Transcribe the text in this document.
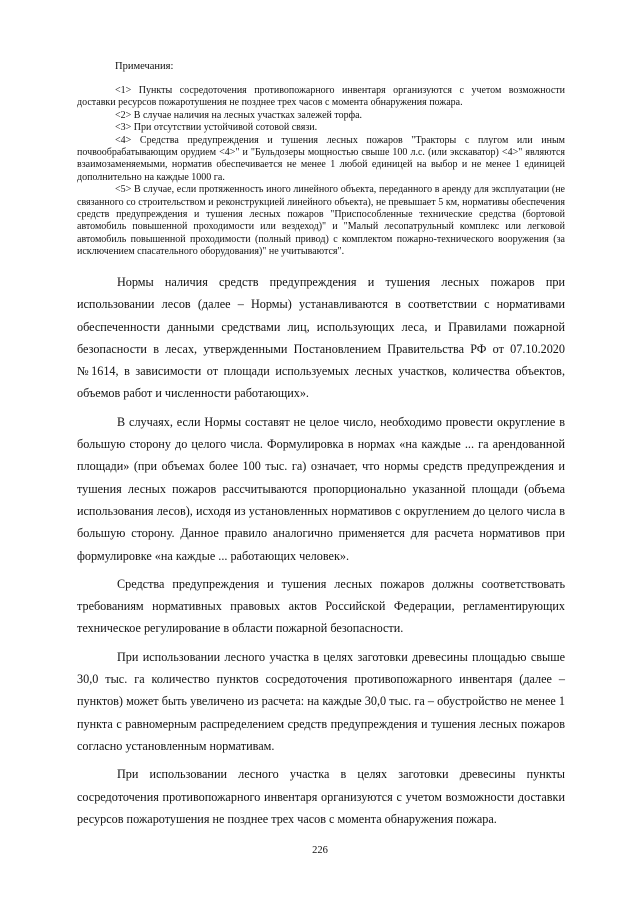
Примечания:

<1> Пункты сосредоточения противопожарного инвентаря организуются с учетом возможности доставки ресурсов пожаротушения не позднее трех часов с момента обнаружения пожара.

<2> В случае наличия на лесных участках залежей торфа.

<3> При отсутствии устойчивой сотовой связи.

<4> Средства предупреждения и тушения лесных пожаров "Тракторы с плугом или иным почвообрабатывающим орудием <4>" и "Бульдозеры мощностью свыше 100 л.с. (или экскаватор) <4>" являются взаимозаменяемыми, норматив обеспечивается не менее 1 любой единицей на выбор и не менее 1 единицей дополнительно на каждые 1000 га.

<5> В случае, если протяженность иного линейного объекта, переданного в аренду для эксплуатации (не связанного со строительством и реконструкцией линейного объекта), не превышает 5 км, нормативы обеспечения средств предупреждения и тушения лесных пожаров "Приспособленные технические средства (бортовой автомобиль повышенной проходимости или вездеход)" и "Малый лесопатрульный комплекс или легковой автомобиль повышенной проходимости (полный привод) с комплектом пожарно-технического вооружения (за исключением спасательного оборудования)" не учитываются".

Нормы наличия средств предупреждения и тушения лесных пожаров при использовании лесов (далее – Нормы) устанавливаются в соответствии с нормативами обеспеченности данными средствами лиц, использующих леса, и Правилами пожарной безопасности в лесах, утвержденными Постановлением Правительства РФ от 07.10.2020 №1614, в зависимости от площади используемых лесных участков, количества объектов, объемов работ и численности работающих».

В случаях, если Нормы составят не целое число, необходимо провести округление в большую сторону до целого числа. Формулировка в нормах «на каждые ... га арендованной площади» (при объемах более 100 тыс. га) означает, что нормы средств предупреждения и тушения лесных пожаров рассчитываются пропорционально указанной площади (объема использования лесов), исходя из установленных нормативов с округлением до целого числа в большую сторону. Данное правило аналогично применяется для расчета нормативов при формулировке «на каждые ... работающих человек».

Средства предупреждения и тушения лесных пожаров должны соответствовать требованиям нормативных правовых актов Российской Федерации, регламентирующих техническое регулирование в области пожарной безопасности.

При использовании лесного участка в целях заготовки древесины площадью свыше 30,0 тыс. га количество пунктов сосредоточения противопожарного инвентаря (далее – пунктов) может быть увеличено из расчета: на каждые 30,0 тыс. га – обустройство не менее 1 пункта с равномерным распределением средств предупреждения и тушения лесных пожаров согласно установленным нормативам.

При использовании лесного участка в целях заготовки древесины пункты сосредоточения противопожарного инвентаря организуются с учетом возможности доставки ресурсов пожаротушения не позднее трех часов с момента обнаружения пожара.

226
